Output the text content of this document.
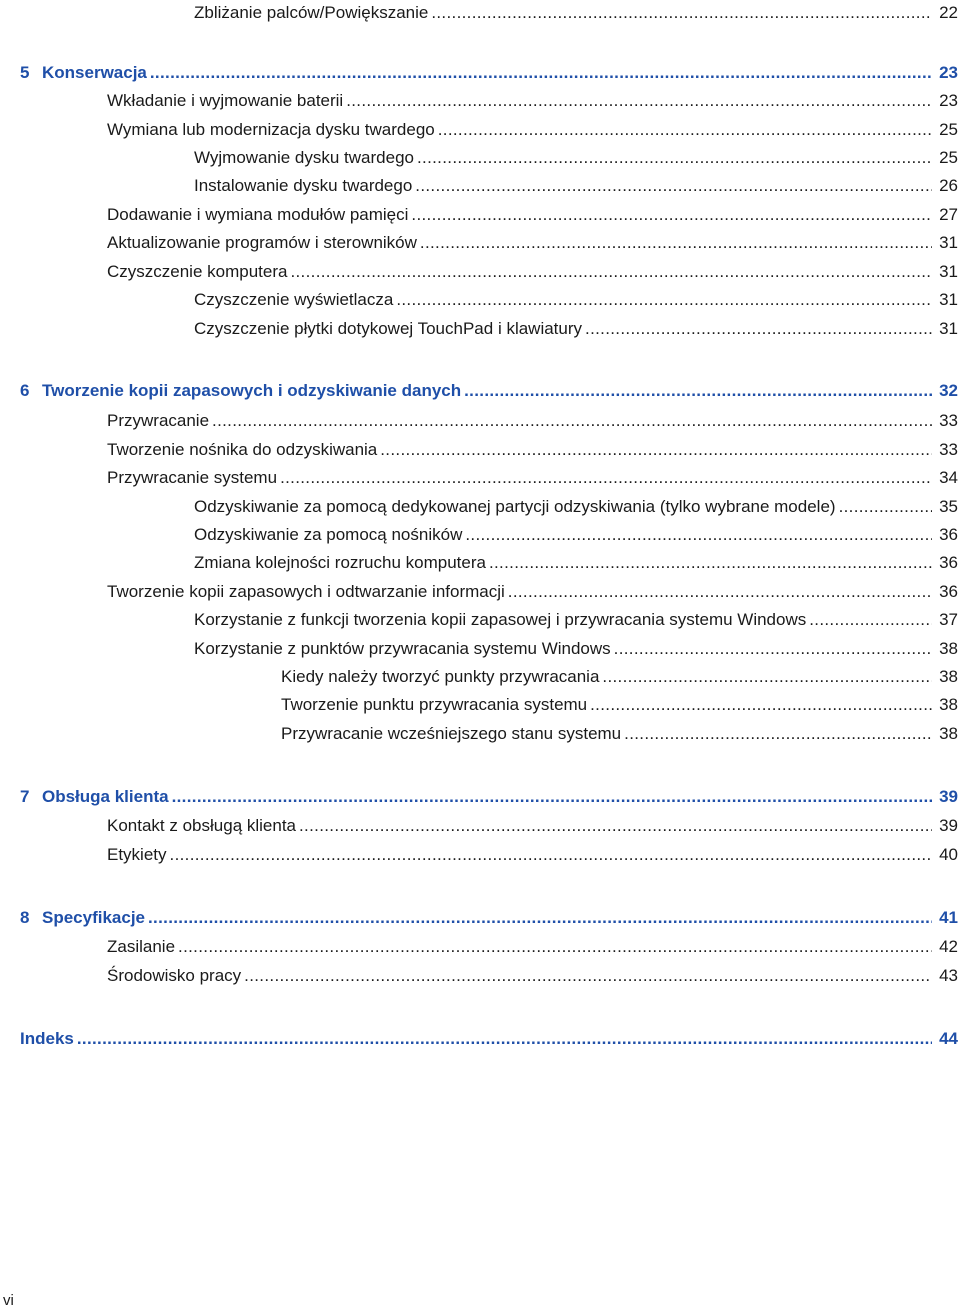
Zbliżanie palców/Powiększanie . . .	22
5 Konserwacja . . .	23
Wkładanie i wyjmowanie baterii . . .	23
Wymiana lub modernizacja dysku twardego . . .	25
Wyjmowanie dysku twardego . . .	25
Instalowanie dysku twardego . . .	26
Dodawanie i wymiana modułów pamięci . . .	27
Aktualizowanie programów i sterowników . . .	31
Czyszczenie komputera . . .	31
Czyszczenie wyświetlacza . . .	31
Czyszczenie płytki dotykowej TouchPad i klawiatury . . .	31
6 Tworzenie kopii zapasowych i odzyskiwanie danych . . .	32
Przywracanie . . .	33
Tworzenie nośnika do odzyskiwania . . .	33
Przywracanie systemu . . .	34
Odzyskiwanie za pomocą dedykowanej partycji odzyskiwania (tylko wybrane modele) . . .	35
Odzyskiwanie za pomocą nośników . . .	36
Zmiana kolejności rozruchu komputera . . .	36
Tworzenie kopii zapasowych i odtwarzanie informacji . . .	36
Korzystanie z funkcji tworzenia kopii zapasowej i przywracania systemu Windows . . .	37
Korzystanie z punktów przywracania systemu Windows . . .	38
Kiedy należy tworzyć punkty przywracania . . .	38
Tworzenie punktu przywracania systemu . . .	38
Przywracanie wcześniejszego stanu systemu . . .	38
7 Obsługa klienta . . .	39
Kontakt z obsługą klienta . . .	39
Etykiety . . .	40
8 Specyfikacje . . .	41
Zasilanie . . .	42
Środowisko pracy . . .	43
Indeks . . .	44
vi
